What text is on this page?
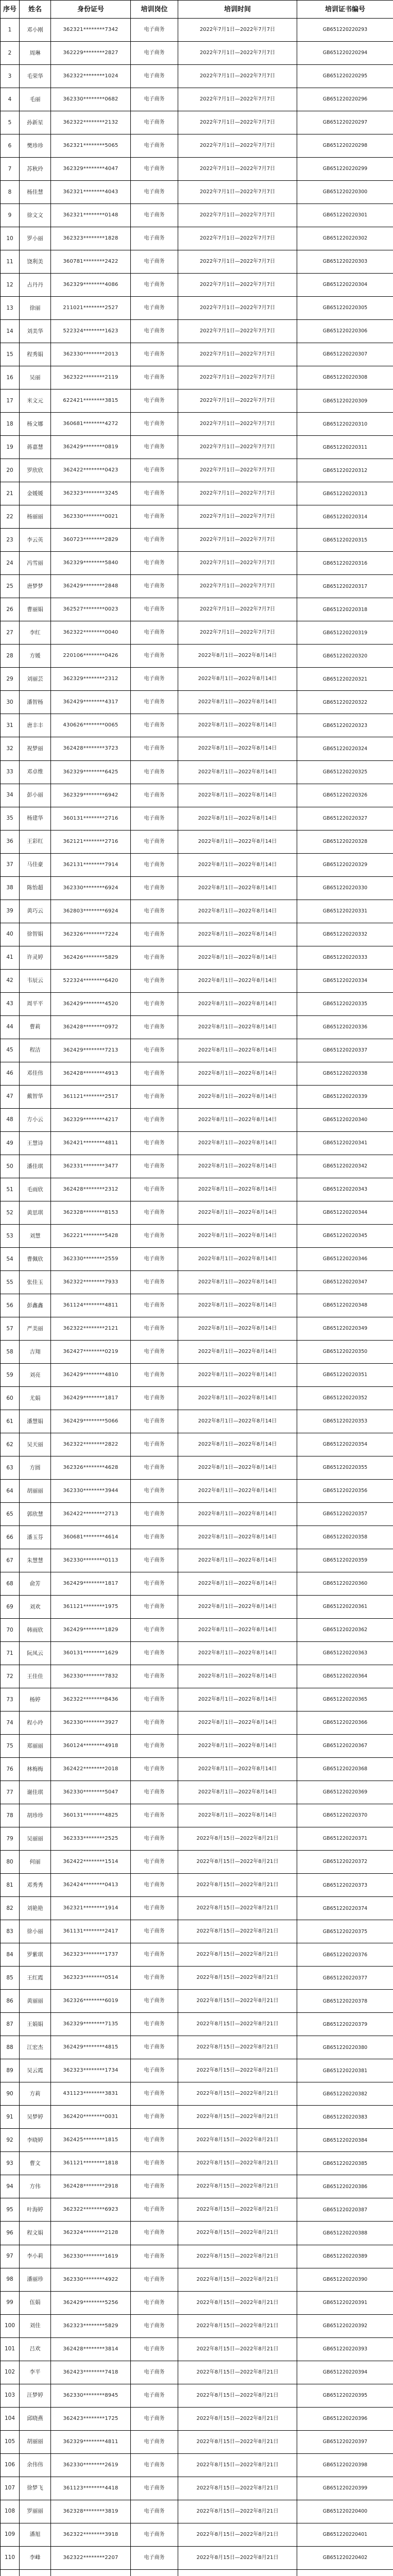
序号	姓名	身份证号	培训岗位	培训时间	培训证书编号
1	邓小刚	362321********7342	电子商务	2022年7月1日—2022年7月7日	GB651220220293
2	周琳	362229********2827	电子商务	2022年7月1日—2022年7月7日	GB651220220294
3	毛荣华	362322********1024	电子商务	2022年7月1日—2022年7月7日	GB651220220295
4	毛丽	362330********0682	电子商务	2022年7月1日—2022年7月7日	GB651220220296
5	孙新星	362322********2132	电子商务	2022年7月1日—2022年7月7日	GB651220220297
6	樊珍珍	362321********5065	电子商务	2022年7月1日—2022年7月7日	GB651220220298
7	苏秋玲	362329********4047	电子商务	2022年7月1日—2022年7月7日	GB651220220299
8	杨佳慧	362321********4043	电子商务	2022年7月1日—2022年7月7日	GB651220220300
9	徐文文	362321********0148	电子商务	2022年7月1日—2022年7月7日	GB651220220301
10	罗小丽	362323********1828	电子商务	2022年7月1日—2022年7月7日	GB651220220302
11	饶利美	360781********2422	电子商务	2022年7月1日—2022年7月7日	GB651220220303
12	占丹丹	362329********4086	电子商务	2022年7月1日—2022年7月7日	GB651220220304
13	徐丽	211021********2527	电子商务	2022年7月1日—2022年7月7日	GB651220220305
14	刘美华	522324********1623	电子商务	2022年7月1日—2022年7月7日	GB651220220306
15	程秀娟	362330********2013	电子商务	2022年7月1日—2022年7月7日	GB651220220307
16	吴丽	362322********2119	电子商务	2022年7月1日—2022年7月7日	GB651220220308
17	米文元	622421********3815	电子商务	2022年7月1日—2022年7月7日	GB651220220309
18	杨文娜	360681********4272	电子商务	2022年7月1日—2022年7月7日	GB651220220310
19	蒋嘉慧	362429********0819	电子商务	2022年7月1日—2022年7月7日	GB651220220311
20	罗欣欣	362422********0423	电子商务	2022年7月1日—2022年7月7日	GB651220220312
21	金媛媛	362323********3245	电子商务	2022年7月1日—2022年7月7日	GB651220220313
22	杨丽丽	362330********0021	电子商务	2022年7月1日—2022年7月7日	GB651220220314
23	李云英	360723********2829	电子商务	2022年7月1日—2022年7月7日	GB651220220315
24	冯雪丽	362329********5840	电子商务	2022年7月1日—2022年7月7日	GB651220220316
25	唐梦梦	362429********2848	电子商务	2022年7月1日—2022年7月7日	GB651220220317
26	曹丽娟	362527********0023	电子商务	2022年7月1日—2022年7月7日	GB651220220318
27	李红	362322********0040	电子商务	2022年7月1日—2022年7月7日	GB651220220319
28	方媛	220106********0426	电子商务	2022年8月1日—2022年8月14日	GB651220220320
29	刘丽芸	362329********2312	电子商务	2022年8月1日—2022年8月14日	GB651220220321
30	潘智杨	362429********4317	电子商务	2022年8月1日—2022年8月14日	GB651220220322
31	唐丰丰	430626********0065	电子商务	2022年8月1日—2022年8月14日	GB651220220323
32	祝梦丽	362428********3723	电子商务	2022年8月1日—2022年8月14日	GB651220220324
33	邓卓维	362329********6425	电子商务	2022年8月1日—2022年8月14日	GB651220220325
34	彭小丽	362329********6942	电子商务	2022年8月1日—2022年8月14日	GB651220220326
35	杨建华	360131********2716	电子商务	2022年8月1日—2022年8月14日	GB651220220327
36	王彩红	362121********2716	电子商务	2022年8月1日—2022年8月14日	GB651220220328
37	马佳豪	362131********7914	电子商务	2022年8月1日—2022年8月14日	GB651220220329
38	陈怡超	362330********6924	电子商务	2022年8月1日—2022年8月14日	GB651220220330
39	黄巧云	362803********6924	电子商务	2022年8月1日—2022年8月14日	GB651220220331
40	徐智娟	362326********7224	电子商务	2022年8月1日—2022年8月14日	GB651220220332
41	许灵婷	362426********5829	电子商务	2022年8月1日—2022年8月14日	GB651220220333
42	韦辰云	522324********6420	电子商务	2022年8月1日—2022年8月14日	GB651220220334
43	周平平	362429********4520	电子商务	2022年8月1日—2022年8月14日	GB651220220335
44	曹莉	362428********0972	电子商务	2022年8月1日—2022年8月14日	GB651220220336
45	程洁	362429********7213	电子商务	2022年8月1日—2022年8月14日	GB651220220337
46	邓佳伟	362428********4913	电子商务	2022年8月1日—2022年8月14日	GB651220220338
47	戴智华	361121********2517	电子商务	2022年8月1日—2022年8月14日	GB651220220339
48	方小云	362329********4217	电子商务	2022年8月1日—2022年8月14日	GB651220220340
49	王慧诗	362421********4811	电子商务	2022年8月1日—2022年8月14日	GB651220220341
50	潘佳琪	362331********3477	电子商务	2022年8月1日—2022年8月14日	GB651220220342
51	毛雨欣	362428********2312	电子商务	2022年8月1日—2022年8月14日	GB651220220343
52	黄思琪	362328********8153	电子商务	2022年8月1日—2022年8月14日	GB651220220344
53	刘慧	362221********5428	电子商务	2022年8月1日—2022年8月14日	GB651220220345
54	曹佩欣	362330********2559	电子商务	2022年8月1日—2022年8月14日	GB651220220346
55	张佳玉	362322********7933	电子商务	2022年8月1日—2022年8月14日	GB651220220347
56	彭鑫鑫	361124********4811	电子商务	2022年8月1日—2022年8月14日	GB651220220348
57	严美丽	362322********2121	电子商务	2022年8月1日—2022年8月14日	GB651220220349
58	吉翔	362427********0219	电子商务	2022年8月1日—2022年8月14日	GB651220220350
59	刘亮	362429********4810	电子商务	2022年8月1日—2022年8月14日	GB651220220351
60	尤娟	362429********1817	电子商务	2022年8月1日—2022年8月14日	GB651220220352
61	潘慧娟	362429********5066	电子商务	2022年8月1日—2022年8月14日	GB651220220353
62	吴天丽	362322********2822	电子商务	2022年8月1日—2022年8月14日	GB651220220354
63	方圆	362326********4628	电子商务	2022年8月1日—2022年8月14日	GB651220220355
64	胡丽丽	362330********3944	电子商务	2022年8月1日—2022年8月14日	GB651220220356
65	郭欣慧	362422********2713	电子商务	2022年8月1日—2022年8月14日	GB651220220357
66	潘玉芬	360681********4614	电子商务	2022年8月1日—2022年8月14日	GB651220220358
67	朱慧慧	362330********0113	电子商务	2022年8月1日—2022年8月14日	GB651220220359
68	俞芳	362429********1817	电子商务	2022年8月1日—2022年8月14日	GB651220220360
69	刘欢	361121********1975	电子商务	2022年8月1日—2022年8月14日	GB651220220361
70	韩雨欣	362429********1829	电子商务	2022年8月1日—2022年8月14日	GB651220220362
71	阮凤云	360131********1629	电子商务	2022年8月1日—2022年8月14日	GB651220220363
72	王佳佳	362330********7832	电子商务	2022年8月1日—2022年8月14日	GB651220220364
73	杨婷	362322********8436	电子商务	2022年8月1日—2022年8月14日	GB651220220365
74	程小玲	362330********3927	电子商务	2022年8月1日—2022年8月14日	GB651220220366
75	郑丽丽	360124********4918	电子商务	2022年8月1日—2022年8月14日	GB651220220367
76	林梅梅	362422********2018	电子商务	2022年8月1日—2022年8月14日	GB651220220368
77	谢佳琪	362330********5047	电子商务	2022年8月1日—2022年8月14日	GB651220220369
78	胡珍珍	360131********4825	电子商务	2022年8月1日—2022年8月14日	GB651220220370
79	吴丽丽	362333********2525	电子商务	2022年8月15日—2022年8月21日	GB651220220371
80	何丽	362422********1514	电子商务	2022年8月15日—2022年8月21日	GB651220220372
81	邓秀秀	362424********0413	电子商务	2022年8月15日—2022年8月21日	GB651220220373
82	刘艳艳	362321********1914	电子商务	2022年8月15日—2022年8月21日	GB651220220374
83	徐小丽	361131********2417	电子商务	2022年8月15日—2022年8月21日	GB651220220375
84	罗紫琪	362323********1737	电子商务	2022年8月15日—2022年8月21日	GB651220220376
85	王红霞	362323********0514	电子商务	2022年8月15日—2022年8月21日	GB651220220377
86	黄丽丽	362326********6019	电子商务	2022年8月15日—2022年8月21日	GB651220220378
87	王娟娟	362329********7135	电子商务	2022年8月15日—2022年8月21日	GB651220220379
88	江宏杰	362429********4815	电子商务	2022年8月15日—2022年8月21日	GB651220220380
89	吴云霞	362323********1734	电子商务	2022年8月15日—2022年8月21日	GB651220220381
90	方莉	431123********3831	电子商务	2022年8月15日—2022年8月21日	GB651220220382
91	吴梦婷	362420********0031	电子商务	2022年8月15日—2022年8月21日	GB651220220383
92	李晓婷	362425********1815	电子商务	2022年8月15日—2022年8月21日	GB651220220384
93	曹文	361121********1818	电子商务	2022年8月15日—2022年8月21日	GB651220220385
94	方伟	362428********2918	电子商务	2022年8月15日—2022年8月21日	GB651220220386
95	叶海婷	362322********6923	电子商务	2022年8月15日—2022年8月21日	GB651220220387
96	程文娟	362324********2128	电子商务	2022年8月15日—2022年8月21日	GB651220220388
97	李小莉	362330********1619	电子商务	2022年8月15日—2022年8月21日	GB651220220389
98	潘丽珍	362330********4922	电子商务	2022年8月15日—2022年8月21日	GB651220220390
99	伍娟	362429********5256	电子商务	2022年8月15日—2022年8月21日	GB651220220391
100	刘佳	362323********5829	电子商务	2022年8月15日—2022年8月21日	GB651220220392
101	吕欢	362428********3814	电子商务	2022年8月15日—2022年8月21日	GB651220220393
102	李平	362423********7418	电子商务	2022年8月15日—2022年8月21日	GB651220220394
103	汪梦婷	362330********8945	电子商务	2022年8月15日—2022年8月21日	GB651220220395
104	邱晓燕	362423********1725	电子商务	2022年8月15日—2022年8月21日	GB651220220396
105	胡丽丽	362329********4811	电子商务	2022年8月15日—2022年8月21日	GB651220220397
106	余伟伟	362330********2619	电子商务	2022年8月15日—2022年8月21日	GB651220220398
107	徐梦飞	361123********4418	电子商务	2022年8月15日—2022年8月21日	GB651220220399
108	罗丽丽	362328********3819	电子商务	2022年8月15日—2022年8月21日	GB651220220400
109	潘旭	362322********3918	电子商务	2022年8月15日—2022年8月21日	GB651220220401
110	李峰	362322********2207	电子商务	2022年8月15日—2022年8月21日	GB651220220402
